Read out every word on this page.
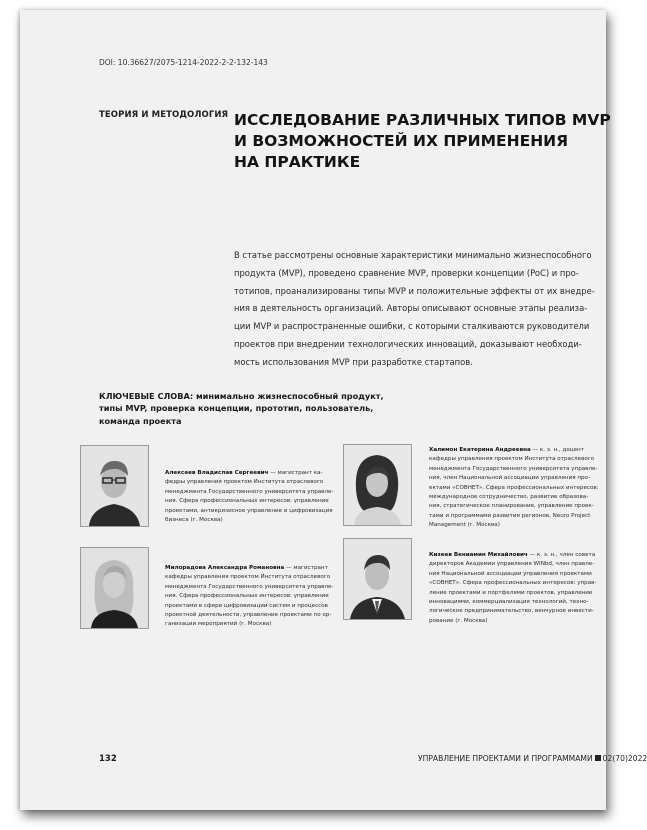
DOI: 10.36627/2075-1214-2022-2-2-132-143
ТЕОРИЯ И МЕТОДОЛОГИЯ ИССЛЕДОВАНИЕ РАЗЛИЧНЫХ ТИПОВ MVP
И ВОЗМОЖНОСТЕЙ ИХ ПРИМЕНЕНИЯ
НА ПРАКТИКЕ
В статье рассмотрены основные характеристики минимально жизнеспособного
продукта (MVP), проведено сравнение MVP, проверки концепции (PoC) и про-
тотипов, проанализированы типы MVP и положительные эффекты от их внедре-
ния в деятельность организаций. Авторы описывают основные этапы реализа-
ции MVP и распространенные ошибки, с которыми сталкиваются руководители
проектов при внедрении технологических инноваций, доказывают необходи-
мость использования MVP при разработке стартапов.
КЛЮЧЕВЫЕ СЛОВА: минимально жизнеспособный продукт,
типы MVP, проверка концепции, прототип, пользователь,
команда проекта
Алексеев Владислав Сергеевич — магистрант ка-
федры управления проектом Института отраслевого
менеджмента Государственного университета управле-
ния. Сфера профессиональных интересов: управление
проектами, антикризисное управление и цифровизация
бизнеса (г. Москва)
Милорадова Александра Романовна — магистрант
кафедры управления проектом Института отраслевого
менеджмента Государственного университета управле-
ния. Сфера профессиональных интересов: управление
проектами в сфере цифровизации систем и процессов
проектной деятельности, управление проектами по ор-
ганизации мероприятий (г. Москва)
Халимон Екатерина Андреевна — к. э. н., доцент
кафедры управления проектом Института отраслевого
менеджмента Государственного университета управле-
ния, член Национальной ассоциации управления про-
ектами «СОВНЕТ». Сфера профессиональных интересов:
международное сотрудничество, развитие образова-
ния, стратегическое планирование, управление проек-
тами и программами развития регионов, Neuro Project
Management (г. Москва)
Кизеев Вениамин Михайлович — к. э. н., член совета
директоров Академии управления WINbd, член правле-
ния Национальной ассоциации управления проектами
«СОВНЕТ». Сфера профессиональных интересов: управ-
ление проектами и портфелями проектов, управление
инновациями, коммерциализация технологий, техно-
логическое предпринимательство, венчурное инвести-
рование (г. Москва)
132	УПРАВЛЕНИЕ ПРОЕКТАМИ И ПРОГРАММАМИ 02(70)2022
